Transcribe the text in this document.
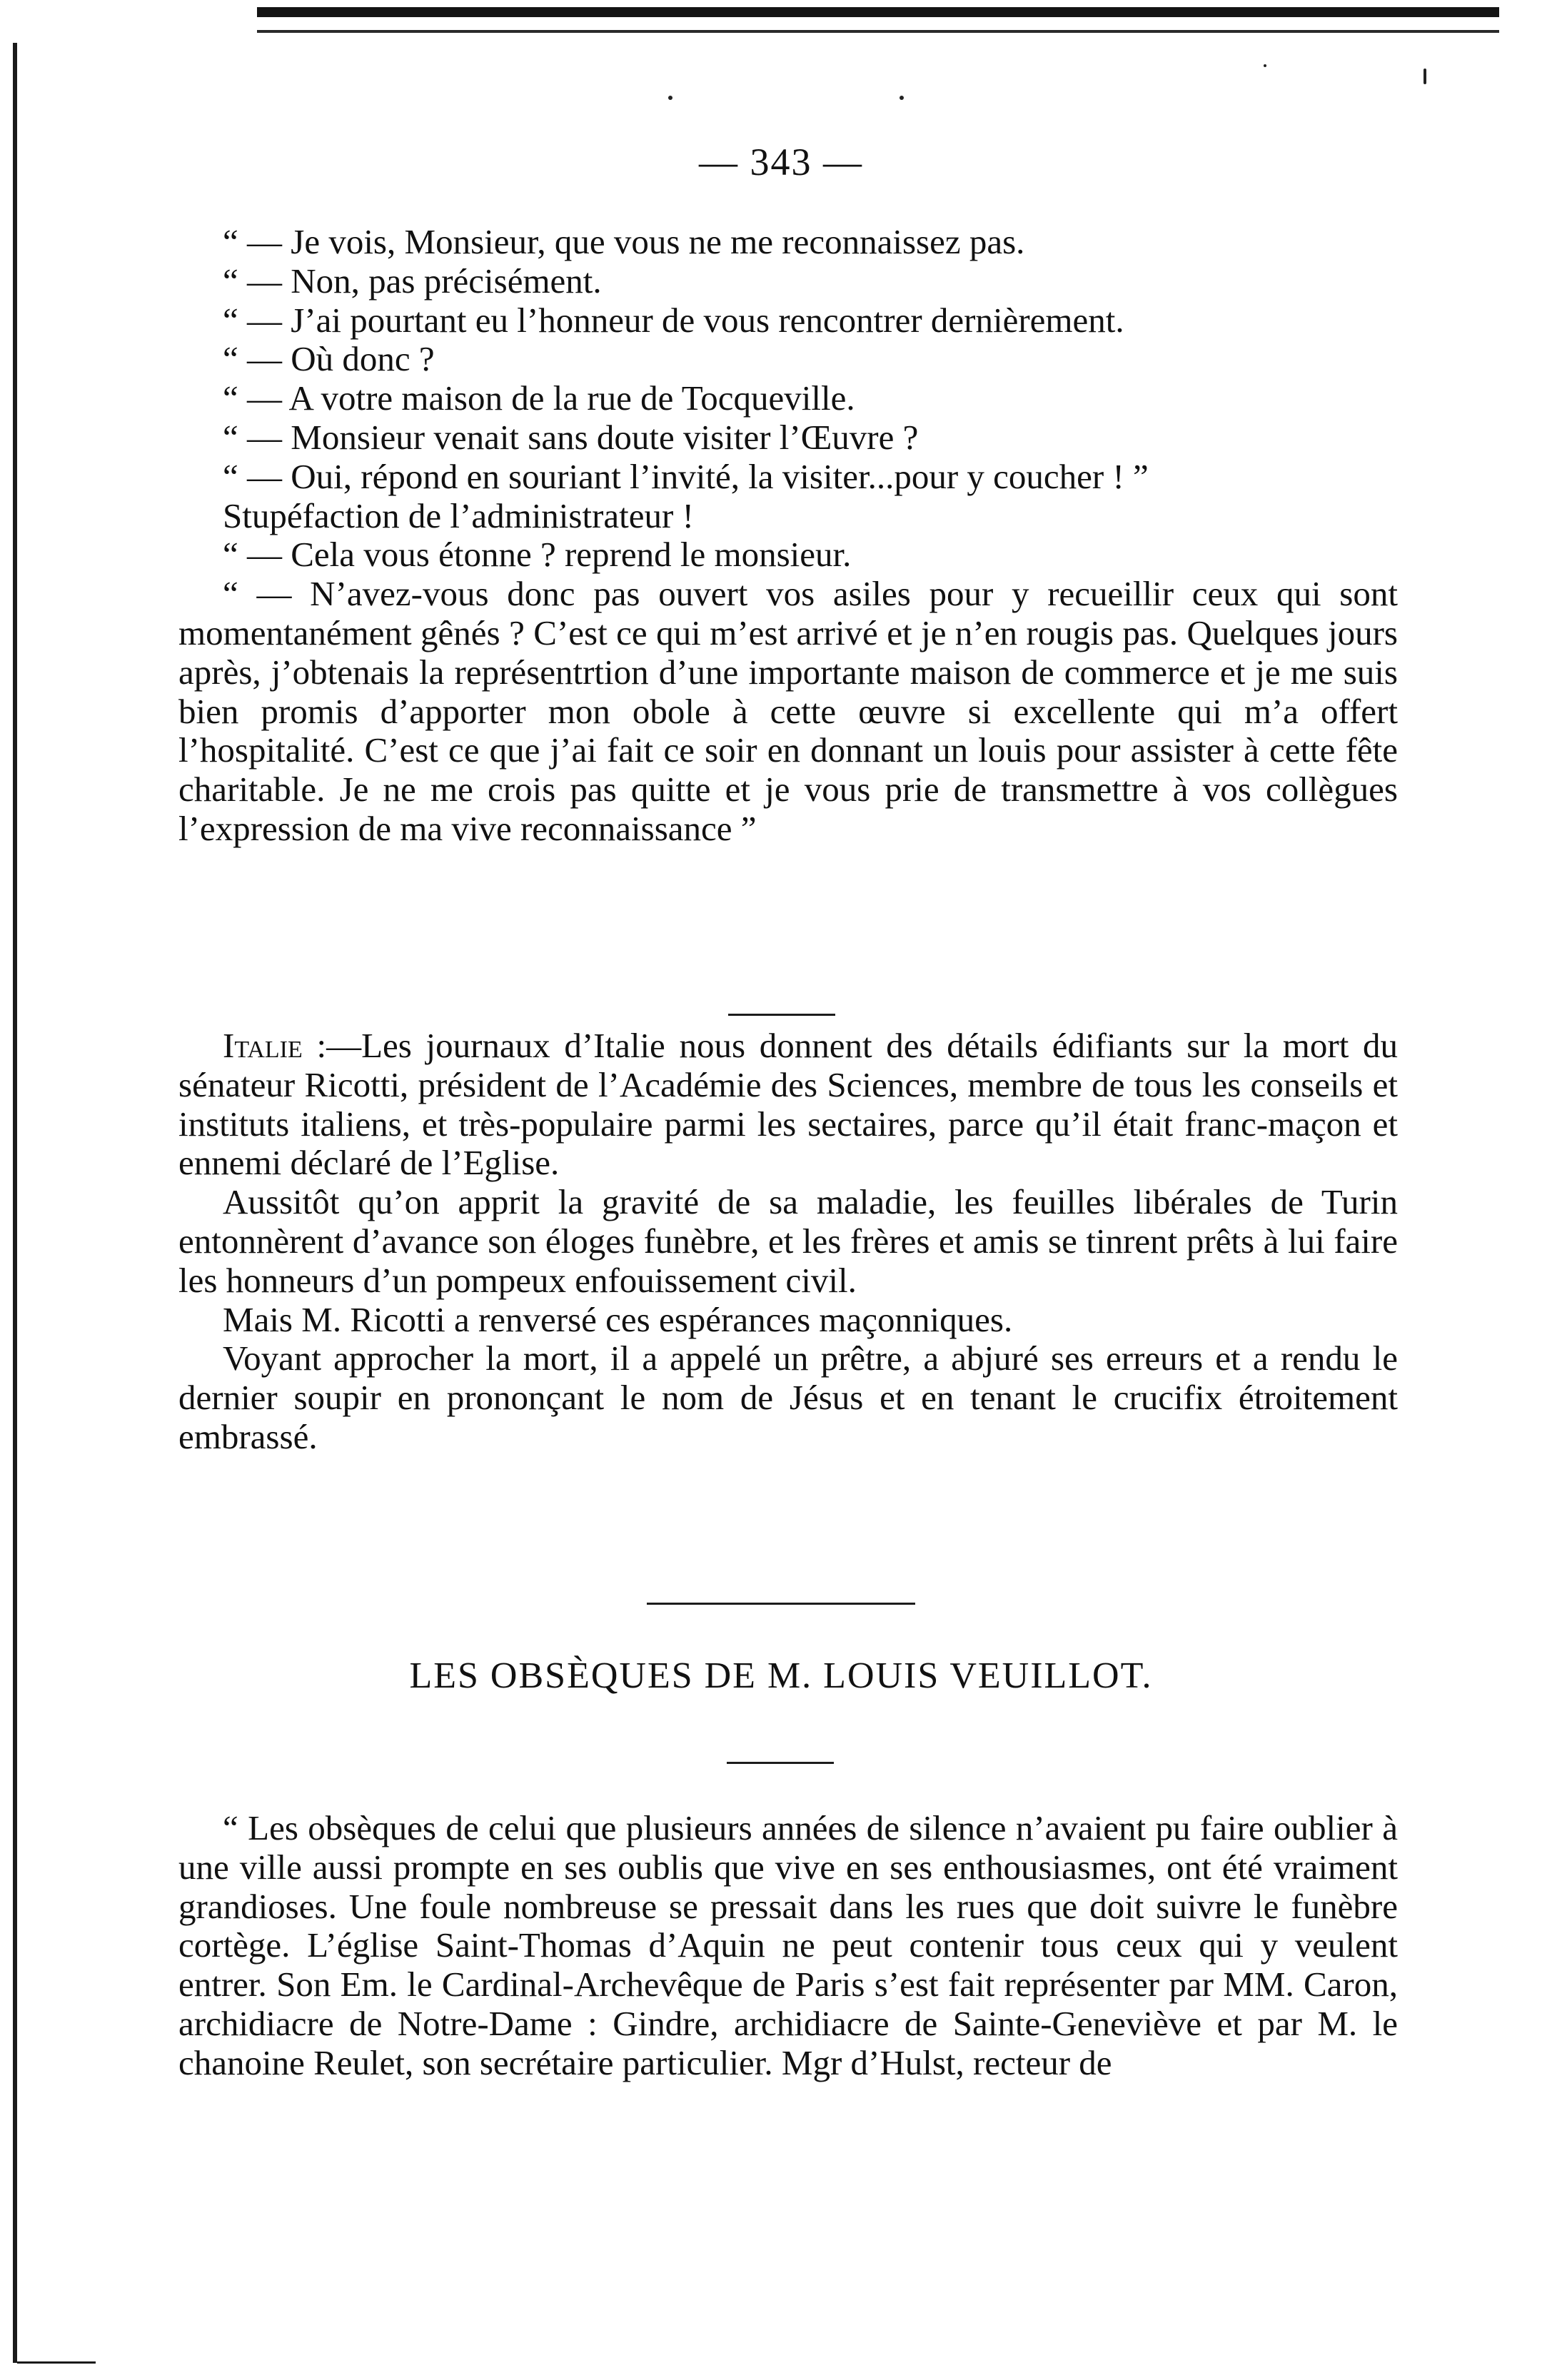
— 343 —

“ — Je vois, Monsieur, que vous ne me reconnaissez pas.

“ — Non, pas précisément.

“ — J’ai pourtant eu l’honneur de vous rencontrer dernièrement.

“ — Où donc ?

“ — A votre maison de la rue de Tocqueville.

“ — Monsieur venait sans doute visiter l’Œuvre ?

“ — Oui, répond en souriant l’invité, la visiter...pour y coucher ! ”

Stupéfaction de l’administrateur !

“ — Cela vous étonne ? reprend le monsieur.

“ — N’avez-vous donc pas ouvert vos asiles pour y recueillir ceux qui sont momentanément gênés ? C’est ce qui m’est arrivé et je n’en rougis pas. Quelques jours après, j’obtenais la représentrtion d’une importante maison de commerce et je me suis bien promis d’apporter mon obole à cette œuvre si excellente qui m’a offert l’hospitalité. C’est ce que j’ai fait ce soir en donnant un louis pour assister à cette fête charitable. Je ne me crois pas quitte et je vous prie de transmettre à vos collègues l’expression de ma vive reconnaissance ”

Italie :—Les journaux d’Italie nous donnent des détails édifiants sur la mort du sénateur Ricotti, président de l’Académie des Sciences, membre de tous les conseils et instituts italiens, et très-populaire parmi les sectaires, parce qu’il était franc-maçon et ennemi déclaré de l’Eglise.

Aussitôt qu’on apprit la gravité de sa maladie, les feuilles libérales de Turin entonnèrent d’avance son éloges funèbre, et les frères et amis se tinrent prêts à lui faire les honneurs d’un pompeux enfouissement civil.

Mais M. Ricotti a renversé ces espérances maçonniques.

Voyant approcher la mort, il a appelé un prêtre, a abjuré ses erreurs et a rendu le dernier soupir en prononçant le nom de Jésus et en tenant le crucifix étroitement embrassé.

LES OBSÈQUES DE M. LOUIS VEUILLOT.

“ Les obsèques de celui que plusieurs années de silence n’avaient pu faire oublier à une ville aussi prompte en ses oublis que vive en ses enthousiasmes, ont été vraiment grandioses. Une foule nombreuse se pressait dans les rues que doit suivre le funèbre cortège. L’église Saint-Thomas d’Aquin ne peut contenir tous ceux qui y veulent entrer. Son Em. le Cardinal-Archevêque de Paris s’est fait représenter par MM. Caron, archidiacre de Notre-Dame : Gindre, archidiacre de Sainte-Geneviève et par M. le chanoine Reulet, son secrétaire particulier. Mgr d’Hulst, recteur de
